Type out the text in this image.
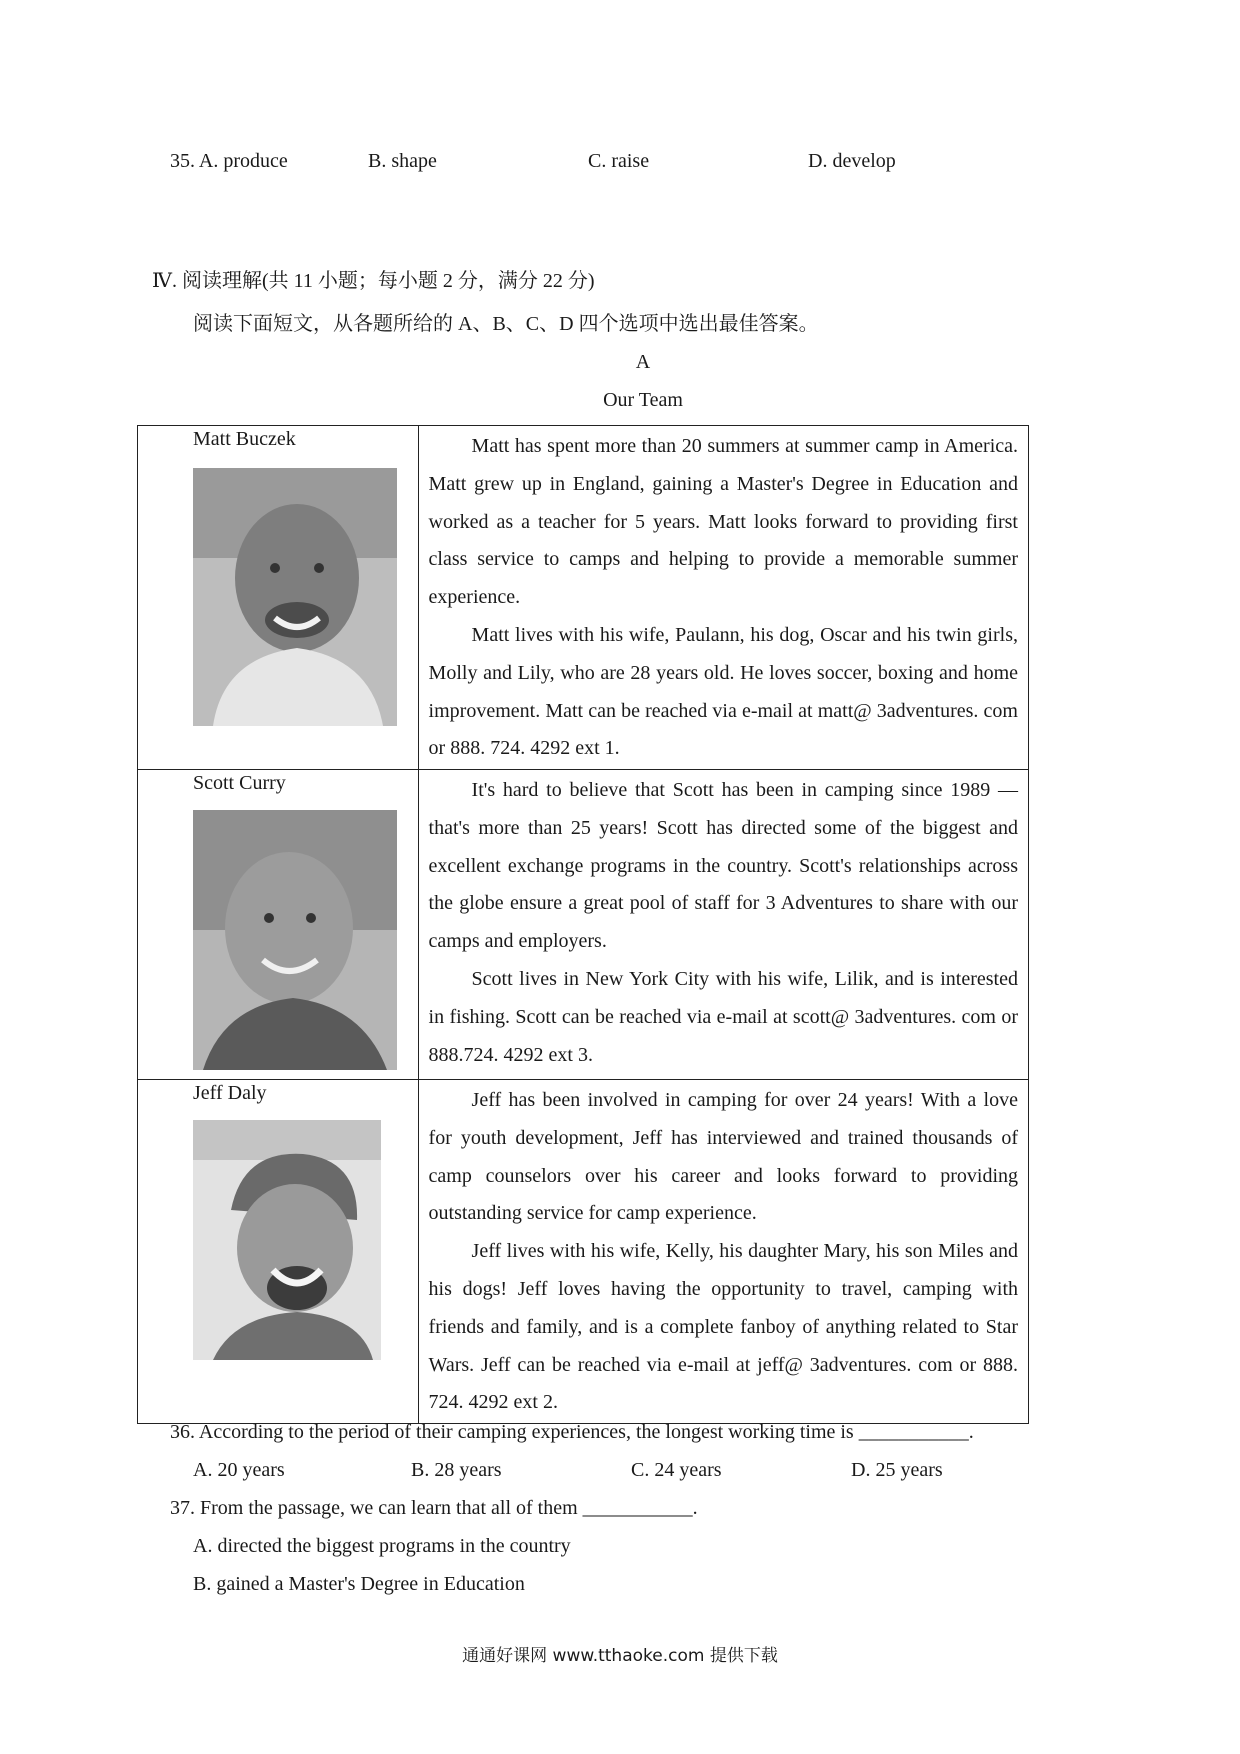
35. A. produce	B. shape	C. raise	D. develop
Ⅳ. 阅读理解(共 11 小题；每小题 2 分，满分 22 分)
阅读下面短文，从各题所给的 A、B、C、D 四个选项中选出最佳答案。
A
Our Team
Matt Buczek	Matt has spent more than 20 summers at summer camp in America. Matt grew up in England, gaining a Master's Degree in Education and worked as a teacher for 5 years. Matt looks forward to providing first class service to camps and helping to provide a memorable summer experience.

Matt lives with his wife, Paulann, his dog, Oscar and his twin girls, Molly and Lily, who are 28 years old. He loves soccer, boxing and home improvement. Matt can be reached via e-mail at matt@ 3adventures. com or 888. 724. 4292 ext 1.

Scott Curry	It's hard to believe that Scott has been in camping since 1989 —that's more than 25 years! Scott has directed some of the biggest and excellent exchange programs in the country. Scott's relationships across the globe ensure a great pool of staff for 3 Adventures to share with our camps and employers.

Scott lives in New York City with his wife, Lilik, and is interested in fishing. Scott can be reached via e-mail at scott@ 3adventures. com or 888.724. 4292 ext 3.

Jeff Daly	Jeff has been involved in camping for over 24 years! With a love for youth development, Jeff has interviewed and trained thousands of camp counselors over his career and looks forward to providing outstanding service for camp experience.

Jeff lives with his wife, Kelly, his daughter Mary, his son Miles and his dogs! Jeff loves having the opportunity to travel, camping with friends and family, and is a complete fanboy of anything related to Star Wars. Jeff can be reached via e-mail at jeff@ 3adventures. com or 888. 724. 4292 ext 2.

36. According to the period of their camping experiences, the longest working time is ___________.
A. 20 years	B. 28 years	C. 24 years	D. 25 years
37. From the passage, we can learn that all of them ___________.
A. directed the biggest programs in the country
B. gained a Master's Degree in Education
通通好课网 www.tthaoke.com 提供下载
